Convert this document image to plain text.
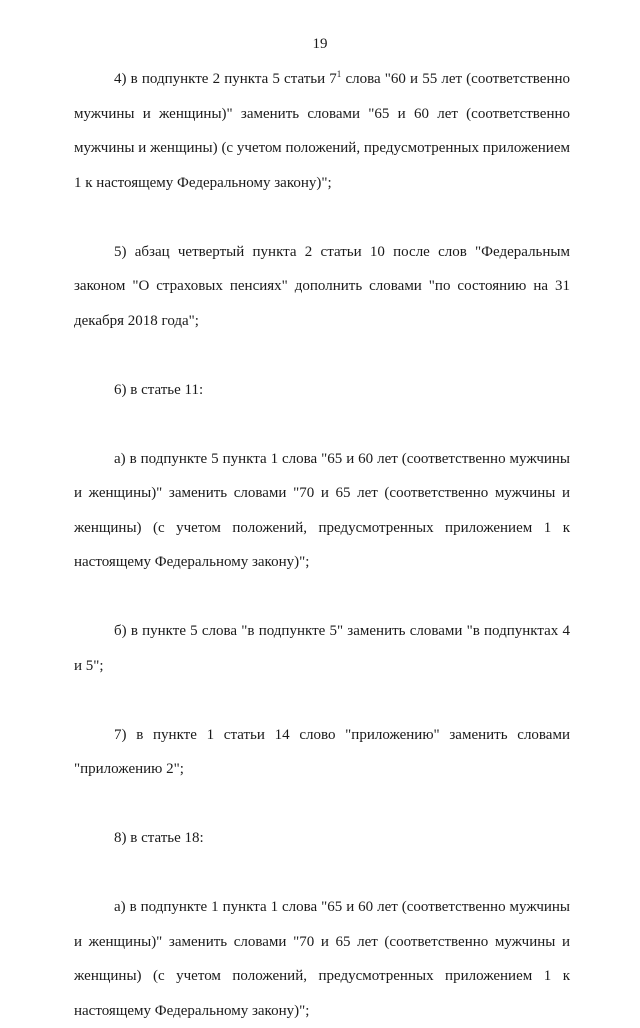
19

4) в подпункте 2 пункта 5 статьи $7^1$ слова "60 и 55 лет (соответственно мужчины и женщины)" заменить словами "65 и 60 лет (соответственно мужчины и женщины) (с учетом положений, предусмотренных приложением 1 к настоящему Федеральному закону)";

5) абзац четвертый пункта 2 статьи 10 после слов "Федеральным законом "О страховых пенсиях" дополнить словами "по состоянию на 31 декабря 2018 года";

6) в статье 11:

а) в подпункте 5 пункта 1 слова "65 и 60 лет (соответственно мужчины и женщины)" заменить словами "70 и 65 лет (соответственно мужчины и женщины) (с учетом положений, предусмотренных приложением 1 к настоящему Федеральному закону)";

б) в пункте 5 слова "в подпункте 5" заменить словами "в подпунктах 4 и 5";

7) в пункте 1 статьи 14 слово "приложению" заменить словами "приложению 2";

8) в статье 18:

а) в подпункте 1 пункта 1 слова "65 и 60 лет (соответственно мужчины и женщины)" заменить словами "70 и 65 лет (соответственно мужчины и женщины) (с учетом положений, предусмотренных приложением 1 к настоящему Федеральному закону)";
